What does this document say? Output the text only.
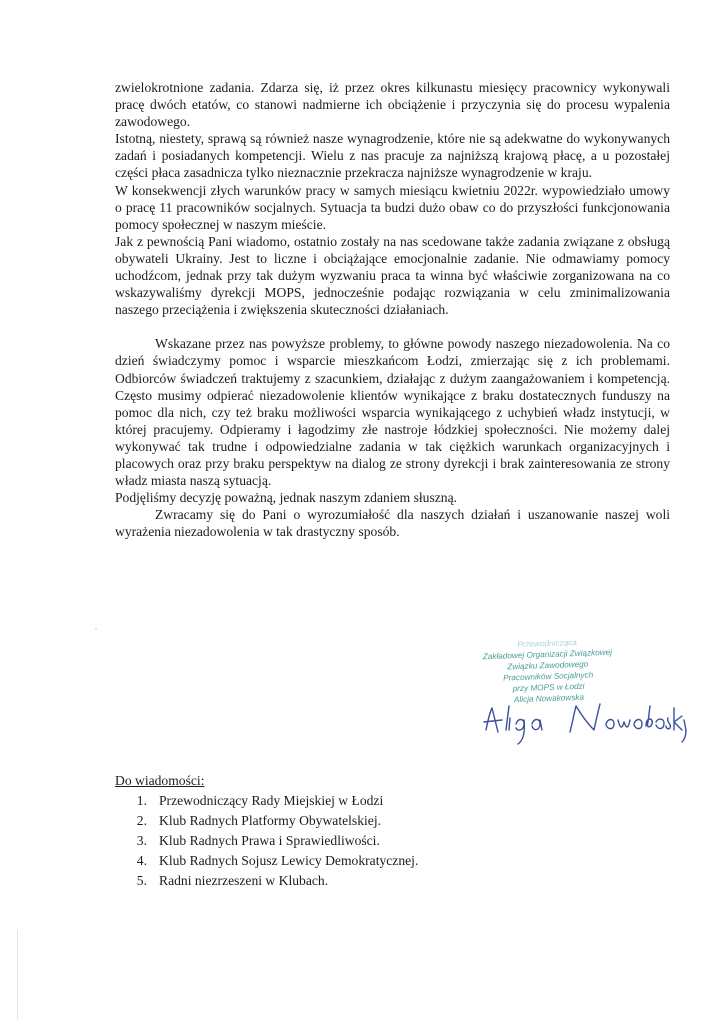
zwielokrotnione zadania. Zdarza się, iż przez okres kilkunastu miesięcy pracownicy wykonywali pracę dwóch etatów, co stanowi nadmierne ich obciążenie i przyczynia się do procesu wypalenia zawodowego.

Istotną, niestety, sprawą są również nasze wynagrodzenie, które nie są adekwatne do wykonywanych zadań i posiadanych kompetencji. Wielu z nas pracuje za najniższą krajową płacę, a u pozostałej części płaca zasadnicza tylko nieznacznie przekracza najniższe wynagrodzenie w kraju.

W konsekwencji złych warunków pracy w samych miesiącu kwietniu 2022r. wypowiedziało umowy o pracę 11 pracowników socjalnych. Sytuacja ta budzi dużo obaw co do przyszłości funkcjonowania pomocy społecznej w naszym mieście.

Jak z pewnością Pani wiadomo, ostatnio zostały na nas scedowane także zadania związane z obsługą obywateli Ukrainy. Jest to liczne i obciążające emocjonalnie zadanie. Nie odmawiamy pomocy uchodźcom, jednak przy tak dużym wyzwaniu praca ta winna być właściwie zorganizowana na co wskazywaliśmy dyrekcji MOPS, jednocześnie podając rozwiązania w celu zminimalizowania naszego przeciążenia i zwiększenia skuteczności działaniach.

Wskazane przez nas powyższe problemy, to główne powody naszego niezadowolenia. Na co dzień świadczymy pomoc i wsparcie mieszkańcom Łodzi, zmierzając się z ich problemami. Odbiorców świadczeń traktujemy z szacunkiem, działając z dużym zaangażowaniem i kompetencją. Często musimy odpierać niezadowolenie klientów wynikające z braku dostatecznych funduszy na pomoc dla nich, czy też braku możliwości wsparcia wynikającego z uchybień władz instytucji, w której pracujemy. Odpieramy i łagodzimy złe nastroje łódzkiej społeczności. Nie możemy dalej wykonywać tak trudne i odpowiedzialne zadania w tak ciężkich warunkach organizacyjnych i placowych oraz przy braku perspektyw na dialog ze strony dyrekcji i brak zainteresowania ze strony władz miasta naszą sytuacją.

Podjęliśmy decyzję poważną, jednak naszym zdaniem słuszną.

Zwracamy się do Pani o wyrozumiałość dla naszych działań i uszanowanie naszej woli wyrażenia niezadowolenia w tak drastyczny sposób.

Przewodnicząca
Zakładowej Organizacji Związkowej
Związku Zawodowego
Pracowników Socjalnych
przy MOPS w Łodzi
Alicja Nowakowska
Do wiadomości:
1. Przewodniczący Rady Miejskiej w Łodzi
2. Klub Radnych Platformy Obywatelskiej.
3. Klub Radnych Prawa i Sprawiedliwości.
4. Klub Radnych Sojusz Lewicy Demokratycznej.
5. Radni niezrzeszeni w Klubach.
